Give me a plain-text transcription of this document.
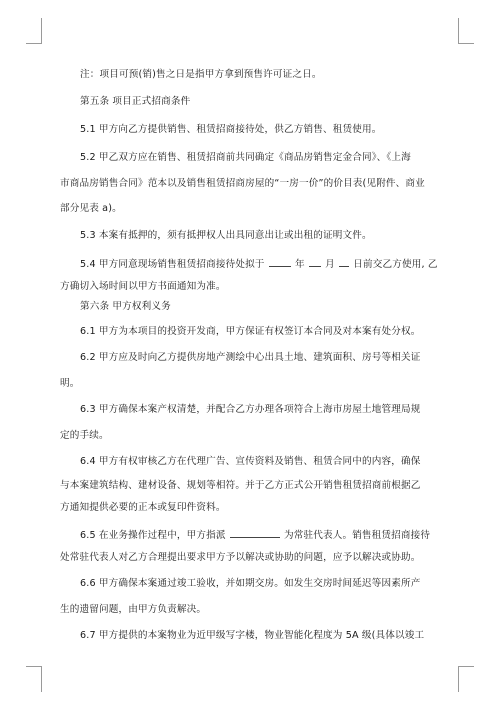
注：项目可预(销)售之日是指甲方拿到预售许可证之日。
第五条 项目正式招商条件
5.1 甲方向乙方提供销售、租赁招商接待处，供乙方销售、租赁使用。
5.2 甲乙双方应在销售、租赁招商前共同确定《商品房销售定金合同》、《上海
市商品房销售合同》范本以及销售租赁招商房屋的“一房一价”的价目表(见附件、商业
部分见表 a)。
5.3 本案有抵押的，须有抵押权人出具同意出让或出租的证明文件。
5.4 甲方同意现场销售租赁招商接待处拟于	年 月 日前交乙方使用, 乙
方确切入场时间以甲方书面通知为准。
第六条 甲方权利义务
6.1 甲方为本项目的投资开发商，甲方保证有权签订本合同及对本案有处分权。
6.2 甲方应及时向乙方提供房地产测绘中心出具土地、建筑面积、房号等相关证
明。
6.3 甲方确保本案产权清楚，并配合乙方办理各项符合上海市房屋土地管理局规
定的手续。
6.4 甲方有权审核乙方在代理广告、宣传资料及销售、租赁合同中的内容，确保
与本案建筑结构、建材设备、规划等相符。并于乙方正式公开销售租赁招商前根据乙
方通知提供必要的正本或复印件资料。
6.5 在业务操作过程中，甲方指派	为常驻代表人。销售租赁招商接待
处常驻代表人对乙方合理提出要求甲方予以解决或协助的问题，应予以解决或协助。
6.6 甲方确保本案通过竣工验收，并如期交房。如发生交房时间延迟等因素所产
生的遗留问题，由甲方负责解决。
6.7 甲方提供的本案物业为近甲级写字楼，物业智能化程度为 5A 级(具体以竣工
